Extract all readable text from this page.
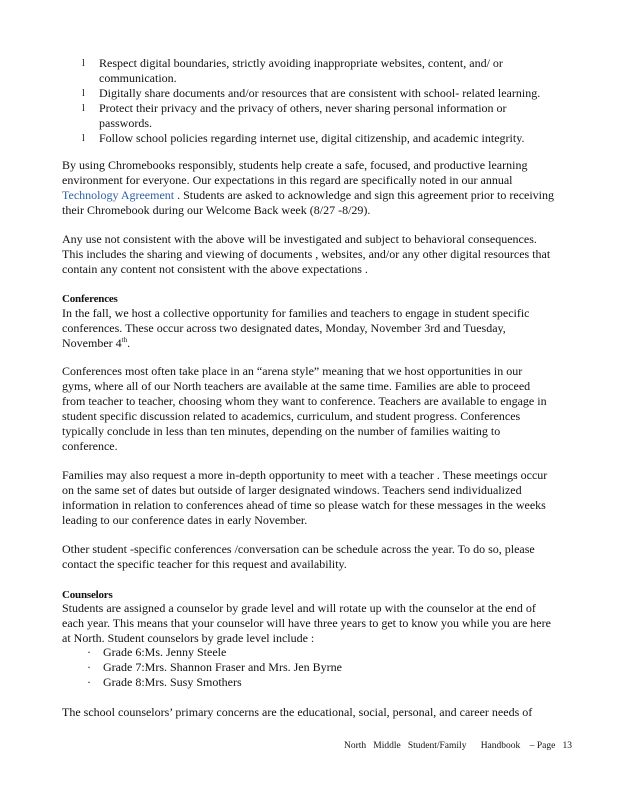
l Respect digital boundaries, strictly avoiding inappropriate websites, content, and/ or communication.
l Digitally share documents and/or resources that are consistent with school- related learning.
l Protect their privacy and the privacy of others, never sharing personal information or passwords.
l Follow school policies regarding internet use, digital citizenship, and academic integrity.

By using Chromebooks responsibly, students help create a safe, focused, and productive learning environment for everyone. Our expectations in this regard are specifically noted in our annual Technology Agreement . Students are asked to acknowledge and sign this agreement prior to receiving their Chromebook during our Welcome Back week (8/27 -8/29).

Any use not consistent with the above will be investigated and subject to behavioral consequences. This includes the sharing and viewing of documents , websites, and/or any other digital resources that contain any content not consistent with the above expectations .

Conferences

In the fall, we host a collective opportunity for families and teachers to engage in student specific conferences. These occur across two designated dates, Monday, November 3rd and Tuesday, November 4th.

Conferences most often take place in an “arena style” meaning that we host opportunities in our gyms, where all of our North teachers are available at the same time. Families are able to proceed from teacher to teacher, choosing whom they want to conference. Teachers are available to engage in student specific discussion related to academics, curriculum, and student progress. Conferences typically conclude in less than ten minutes, depending on the number of families waiting to conference.

Families may also request a more in-depth opportunity to meet with a teacher . These meetings occur on the same set of dates but outside of larger designated windows. Teachers send individualized information in relation to conferences ahead of time so please watch for these messages in the weeks leading to our conference dates in early November.

Other student -specific conferences /conversation can be schedule across the year. To do so, please contact the specific teacher for this request and availability.

Counselors

Students are assigned a counselor by grade level and will rotate up with the counselor at the end of each year. This means that your counselor will have three years to get to know you while you are here at North. Student counselors by grade level include :

· Grade 6:Ms. Jenny Steele
· Grade 7:Mrs. Shannon Fraser and Mrs. Jen Byrne
· Grade 8:Mrs. Susy Smothers

The school counselors’ primary concerns are the educational, social, personal, and career needs of

North   Middle   Student/Family      Handbook    – Page   13
